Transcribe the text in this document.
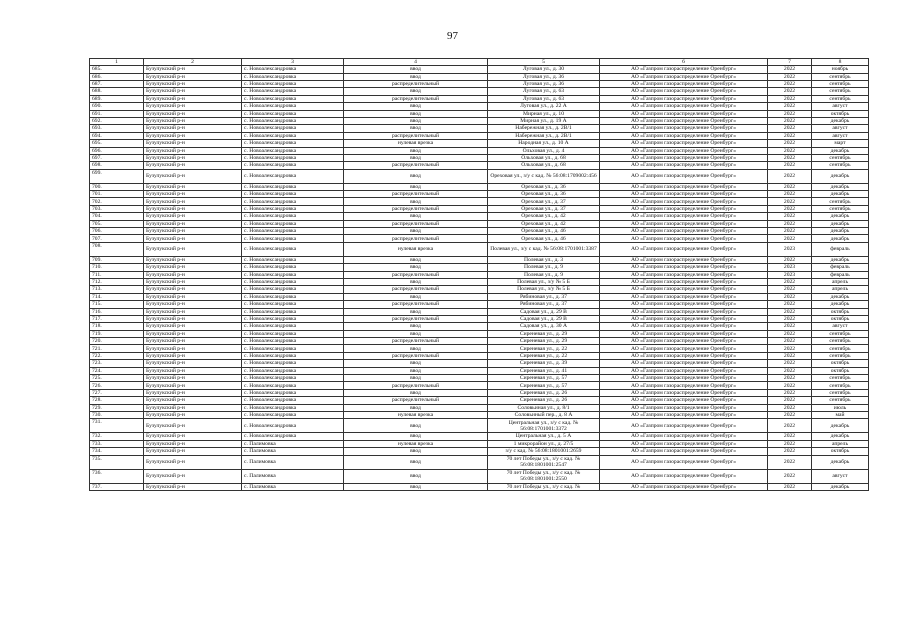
97
1	2	3	4	5	6	7	8
685.	Бузулукский р-н	с. Новоалександровка	ввод	Луговая ул., д. 30	АО «Газпром газораспределение Оренбург»	2022	ноябрь
686.	Бузулукский р-н	с. Новоалександровка	ввод	Луговая ул., д. 36	АО «Газпром газораспределение Оренбург»	2022	сентябрь
687.	Бузулукский р-н	с. Новоалександровка	распределительный	Луговая ул., д. 36	АО «Газпром газораспределение Оренбург»	2022	сентябрь
688.	Бузулукский р-н	с. Новоалександровка	ввод	Луговая ул., д. 63	АО «Газпром газораспределение Оренбург»	2022	сентябрь
689.	Бузулукский р-н	с. Новоалександровка	распределительный	Луговая ул., д. 63	АО «Газпром газораспределение Оренбург»	2022	сентябрь
690.	Бузулукский р-н	с. Новоалександровка	ввод	Луговая ул., д. 22 А	АО «Газпром газораспределение Оренбург»	2022	август
691.	Бузулукский р-н	с. Новоалександровка	ввод	Мирная ул., д. 10	АО «Газпром газораспределение Оренбург»	2022	октябрь
692.	Бузулукский р-н	с. Новоалександровка	ввод	Мирная ул., д. 19 А	АО «Газпром газораспределение Оренбург»	2022	декабрь
693.	Бузулукский р-н	с. Новоалександровка	ввод	Набережная ул., д. 2В/1	АО «Газпром газораспределение Оренбург»	2022	август
694.	Бузулукский р-н	с. Новоалександровка	распределительный	Набережная ул., д. 2В/1	АО «Газпром газораспределение Оренбург»	2022	август
695.	Бузулукский р-н	с. Новоалександровка	нулевая врезка	Народная ул., д. 10 А	АО «Газпром газораспределение Оренбург»	2022	март
696.	Бузулукский р-н	с. Новоалександровка	ввод	Ольховая ул., д. 4	АО «Газпром газораспределение Оренбург»	2022	декабрь
697.	Бузулукский р-н	с. Новоалександровка	ввод	Ольховая ул., д. 68	АО «Газпром газораспределение Оренбург»	2022	сентябрь
698.	Бузулукский р-н	с. Новоалександровка	распределительный	Ольховая ул., д. 68	АО «Газпром газораспределение Оренбург»	2022	сентябрь
699.	Бузулукский р-н	с. Новоалександровка	ввод	Ореховая ул., з/у с кад. № 56:08:1709002:456	АО «Газпром газораспределение Оренбург»	2022	декабрь
700.	Бузулукский р-н	с. Новоалександровка	ввод	Ореховая ул., д. 36	АО «Газпром газораспределение Оренбург»	2022	декабрь
701.	Бузулукский р-н	с. Новоалександровка	распределительный	Ореховая ул., д. 36	АО «Газпром газораспределение Оренбург»	2022	декабрь
702.	Бузулукский р-н	с. Новоалександровка	ввод	Ореховая ул., д. 37	АО «Газпром газораспределение Оренбург»	2022	сентябрь
703.	Бузулукский р-н	с. Новоалександровка	распределительный	Ореховая ул., д. 37	АО «Газпром газораспределение Оренбург»	2022	сентябрь
704.	Бузулукский р-н	с. Новоалександровка	ввод	Ореховая ул., д. 42	АО «Газпром газораспределение Оренбург»	2022	декабрь
705.	Бузулукский р-н	с. Новоалександровка	распределительный	Ореховая ул., д. 42	АО «Газпром газораспределение Оренбург»	2022	декабрь
706.	Бузулукский р-н	с. Новоалександровка	ввод	Ореховая ул., д. 46	АО «Газпром газораспределение Оренбург»	2022	декабрь
707.	Бузулукский р-н	с. Новоалександровка	распределительный	Ореховая ул., д. 46	АО «Газпром газораспределение Оренбург»	2022	декабрь
708.	Бузулукский р-н	с. Новоалександровка	нулевая врезка	Полевая ул., з/у с кад. № 56:08:1701001:3387	АО «Газпром газораспределение Оренбург»	2023	февраль
709.	Бузулукский р-н	с. Новоалександровка	ввод	Полевая ул., д. 3	АО «Газпром газораспределение Оренбург»	2022	декабрь
710.	Бузулукский р-н	с. Новоалександровка	ввод	Полевая ул., д. 9	АО «Газпром газораспределение Оренбург»	2023	февраль
711.	Бузулукский р-н	с. Новоалександровка	распределительный	Полевая ул., д. 9	АО «Газпром газораспределение Оренбург»	2023	февраль
712.	Бузулукский р-н	с. Новоалександровка	ввод	Полевая ул., з/у № 5 Б	АО «Газпром газораспределение Оренбург»	2022	апрель
713.	Бузулукский р-н	с. Новоалександровка	распределительный	Полевая ул., з/у № 5 Б	АО «Газпром газораспределение Оренбург»	2022	апрель
714.	Бузулукский р-н	с. Новоалександровка	ввод	Рябиновая ул., д. 37	АО «Газпром газораспределение Оренбург»	2022	декабрь
715.	Бузулукский р-н	с. Новоалександровка	распределительный	Рябиновая ул., д. 37	АО «Газпром газораспределение Оренбург»	2022	декабрь
716.	Бузулукский р-н	с. Новоалександровка	ввод	Садовая ул., д. 29 В	АО «Газпром газораспределение Оренбург»	2022	октябрь
717.	Бузулукский р-н	с. Новоалександровка	распределительный	Садовая ул., д. 29 В	АО «Газпром газораспределение Оренбург»	2022	октябрь
718.	Бузулукский р-н	с. Новоалександровка	ввод	Садовая ул., д. 30 А	АО «Газпром газораспределение Оренбург»	2022	август
719.	Бузулукский р-н	с. Новоалександровка	ввод	Сиреневая ул., д. 29	АО «Газпром газораспределение Оренбург»	2022	сентябрь
720.	Бузулукский р-н	с. Новоалександровка	распределительный	Сиреневая ул., д. 29	АО «Газпром газораспределение Оренбург»	2022	сентябрь
721.	Бузулукский р-н	с. Новоалександровка	ввод	Сиреневая ул., д. 22	АО «Газпром газораспределение Оренбург»	2022	сентябрь
722.	Бузулукский р-н	с. Новоалександровка	распределительный	Сиреневая ул., д. 22	АО «Газпром газораспределение Оренбург»	2022	сентябрь
723.	Бузулукский р-н	с. Новоалександровка	ввод	Сиреневая ул., д. 39	АО «Газпром газораспределение Оренбург»	2022	октябрь
724.	Бузулукский р-н	с. Новоалександровка	ввод	Сиреневая ул., д. 41	АО «Газпром газораспределение Оренбург»	2022	октябрь
725.	Бузулукский р-н	с. Новоалександровка	ввод	Сиреневая ул., д. 57	АО «Газпром газораспределение Оренбург»	2022	сентябрь
726.	Бузулукский р-н	с. Новоалександровка	распределительный	Сиреневая ул., д. 57	АО «Газпром газораспределение Оренбург»	2022	сентябрь
727.	Бузулукский р-н	с. Новоалександровка	ввод	Сиреневая ул., д. 26	АО «Газпром газораспределение Оренбург»	2022	сентябрь
728.	Бузулукский р-н	с. Новоалександровка	распределительный	Сиреневая ул., д. 26	АО «Газпром газораспределение Оренбург»	2022	сентябрь
729.	Бузулукский р-н	с. Новоалександровка	ввод	Соловьиная ул., д. 8/1	АО «Газпром газораспределение Оренбург»	2022	июль
730.	Бузулукский р-н	с. Новоалександровка	нулевая врезка	Соловьиный пер., д. 8 А	АО «Газпром газораспределение Оренбург»	2022	май
731.	Бузулукский р-н	с. Новоалександровка	ввод	Центральная ул., з/у с кад. № 56:08:1701001:3372	АО «Газпром газораспределение Оренбург»	2022	декабрь
732.	Бузулукский р-н	с. Новоалександровка	ввод	Центральная ул., д. 5 А	АО «Газпром газораспределение Оренбург»	2022	декабрь
733.	Бузулукский р-н	с. Палимовка	нулевая врезка	1 микрорайон ул., д. 27/5	АО «Газпром газораспределение Оренбург»	2022	апрель
734.	Бузулукский р-н	с. Палимовка	ввод	з/у с кад. № 56:08:1801001:2659	АО «Газпром газораспределение Оренбург»	2022	октябрь
735.	Бузулукский р-н	с. Палимовка	ввод	70 лет Победы ул., з/у с кад. № 56:08:1801001:2547	АО «Газпром газораспределение Оренбург»	2022	декабрь
736.	Бузулукский р-н	с. Палимовка	ввод	70 лет Победы ул., з/у с кад. № 56:08:1801001:2550	АО «Газпром газораспределение Оренбург»	2022	август
737.	Бузулукский р-н	с. Палимовка	ввод	70 лет Победы ул., з/у с кад. №	АО «Газпром газораспределение Оренбург»	2022	декабрь
